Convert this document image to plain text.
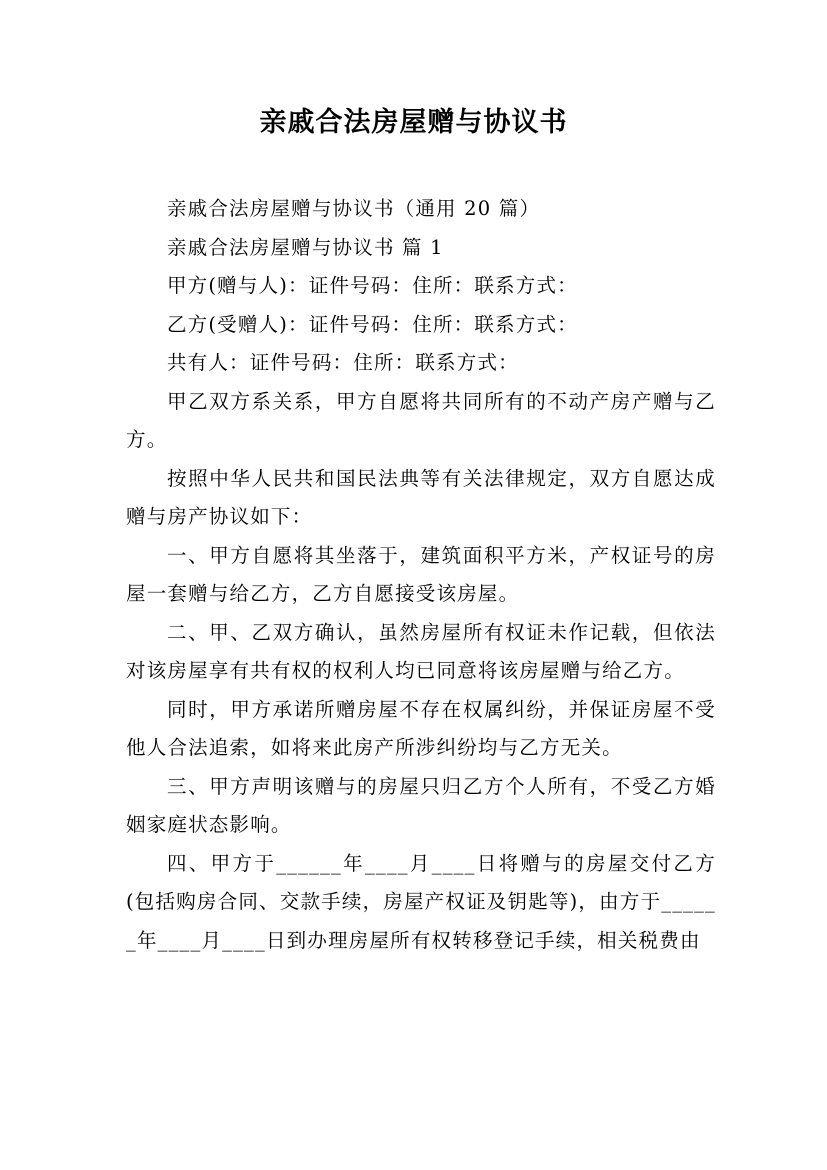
亲戚合法房屋赠与协议书

亲戚合法房屋赠与协议书（通用 20 篇）

亲戚合法房屋赠与协议书 篇 1

甲方(赠与人)：证件号码：住所：联系方式：

乙方(受赠人)：证件号码：住所：联系方式：

共有人：证件号码：住所：联系方式：

甲乙双方系关系，甲方自愿将共同所有的不动产房产赠与乙方。

按照中华人民共和国民法典等有关法律规定，双方自愿达成赠与房产协议如下：

一、甲方自愿将其坐落于，建筑面积平方米，产权证号的房屋一套赠与给乙方，乙方自愿接受该房屋。

二、甲、乙双方确认，虽然房屋所有权证未作记载，但依法对该房屋享有共有权的权利人均已同意将该房屋赠与给乙方。

同时，甲方承诺所赠房屋不存在权属纠纷，并保证房屋不受他人合法追索，如将来此房产所涉纠纷均与乙方无关。

三、甲方声明该赠与的房屋只归乙方个人所有，不受乙方婚姻家庭状态影响。

四、甲方于______年____月____日将赠与的房屋交付乙方(包括购房合同、交款手续，房屋产权证及钥匙等)，由方于______年____月____日到办理房屋所有权转移登记手续，相关税费由
